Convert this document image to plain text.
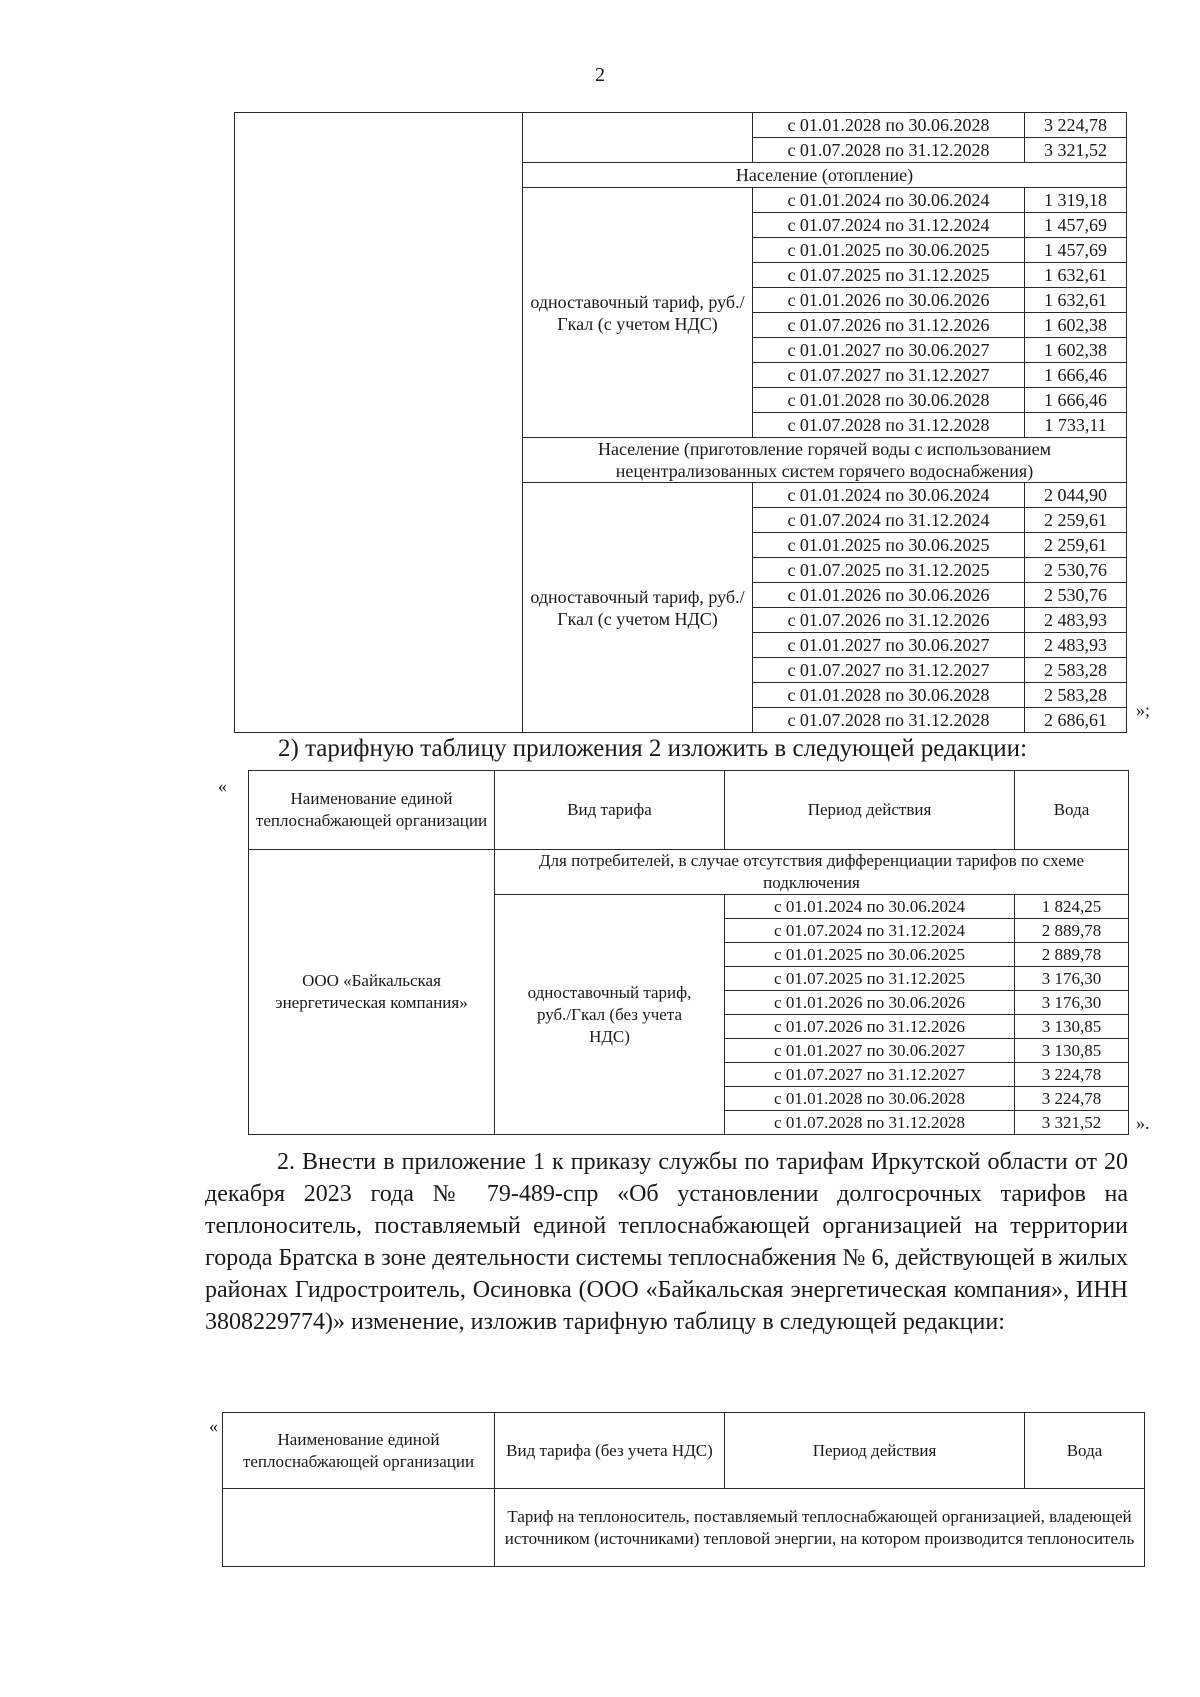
2
		с 01.01.2028 по 30.06.2028	3 224,78
		с 01.07.2028 по 31.12.2028	3 321,52
	Население (отопление)		
	одноставочный тариф, руб./Гкал (с учетом НДС)	с 01.01.2024 по 30.06.2024	1 319,18
		с 01.07.2024 по 31.12.2024	1 457,69
		с 01.01.2025 по 30.06.2025	1 457,69
		с 01.07.2025 по 31.12.2025	1 632,61
		с 01.01.2026 по 30.06.2026	1 632,61
		с 01.07.2026 по 31.12.2026	1 602,38
		с 01.01.2027 по 30.06.2027	1 602,38
		с 01.07.2027 по 31.12.2027	1 666,46
		с 01.01.2028 по 30.06.2028	1 666,46
		с 01.07.2028 по 31.12.2028	1 733,11
	Население (приготовление горячей воды с использованием нецентрализованных систем горячего водоснабжения)		
	одноставочный тариф, руб./Гкал (с учетом НДС)	с 01.01.2024 по 30.06.2024	2 044,90
		с 01.07.2024 по 31.12.2024	2 259,61
		с 01.01.2025 по 30.06.2025	2 259,61
		с 01.07.2025 по 31.12.2025	2 530,76
		с 01.01.2026 по 30.06.2026	2 530,76
		с 01.07.2026 по 31.12.2026	2 483,93
		с 01.01.2027 по 30.06.2027	2 483,93
		с 01.07.2027 по 31.12.2027	2 583,28
		с 01.01.2028 по 30.06.2028	2 583,28
		с 01.07.2028 по 31.12.2028	2 686,61 »;
2) тарифную таблицу приложения 2 изложить в следующей редакции:
«
Наименование единой теплоснабжающей организации	Вид тарифа	Период действия	Вода
ООО «Байкальская энергетическая компания»	Для потребителей, в случае отсутствия дифференциации тарифов по схеме подключения		
	одноставочный тариф, руб./Гкал (без учета НДС)	с 01.01.2024 по 30.06.2024	1 824,25
		с 01.07.2024 по 31.12.2024	2 889,78
		с 01.01.2025 по 30.06.2025	2 889,78
		с 01.07.2025 по 31.12.2025	3 176,30
		с 01.01.2026 по 30.06.2026	3 176,30
		с 01.07.2026 по 31.12.2026	3 130,85
		с 01.01.2027 по 30.06.2027	3 130,85
		с 01.07.2027 по 31.12.2027	3 224,78
		с 01.01.2028 по 30.06.2028	3 224,78
		с 01.07.2028 по 31.12.2028	3 321,52 ».
2. Внести в приложение 1 к приказу службы по тарифам Иркутской области от 20 декабря 2023 года № 79-489-спр «Об установлении долгосрочных тарифов на теплоноситель, поставляемый единой теплоснабжающей организацией на территории города Братска в зоне деятельности системы теплоснабжения № 6, действующей в жилых районах Гидростроитель, Осиновка (ООО «Байкальская энергетическая компания», ИНН 3808229774)» изменение, изложив тарифную таблицу в следующей редакции:
«
Наименование единой теплоснабжающей организации	Вид тарифа (без учета НДС)	Период действия	Вода
	Тариф на теплоноситель, поставляемый теплоснабжающей организацией, владеющей источником (источниками) тепловой энергии, на котором производится теплоноситель		
